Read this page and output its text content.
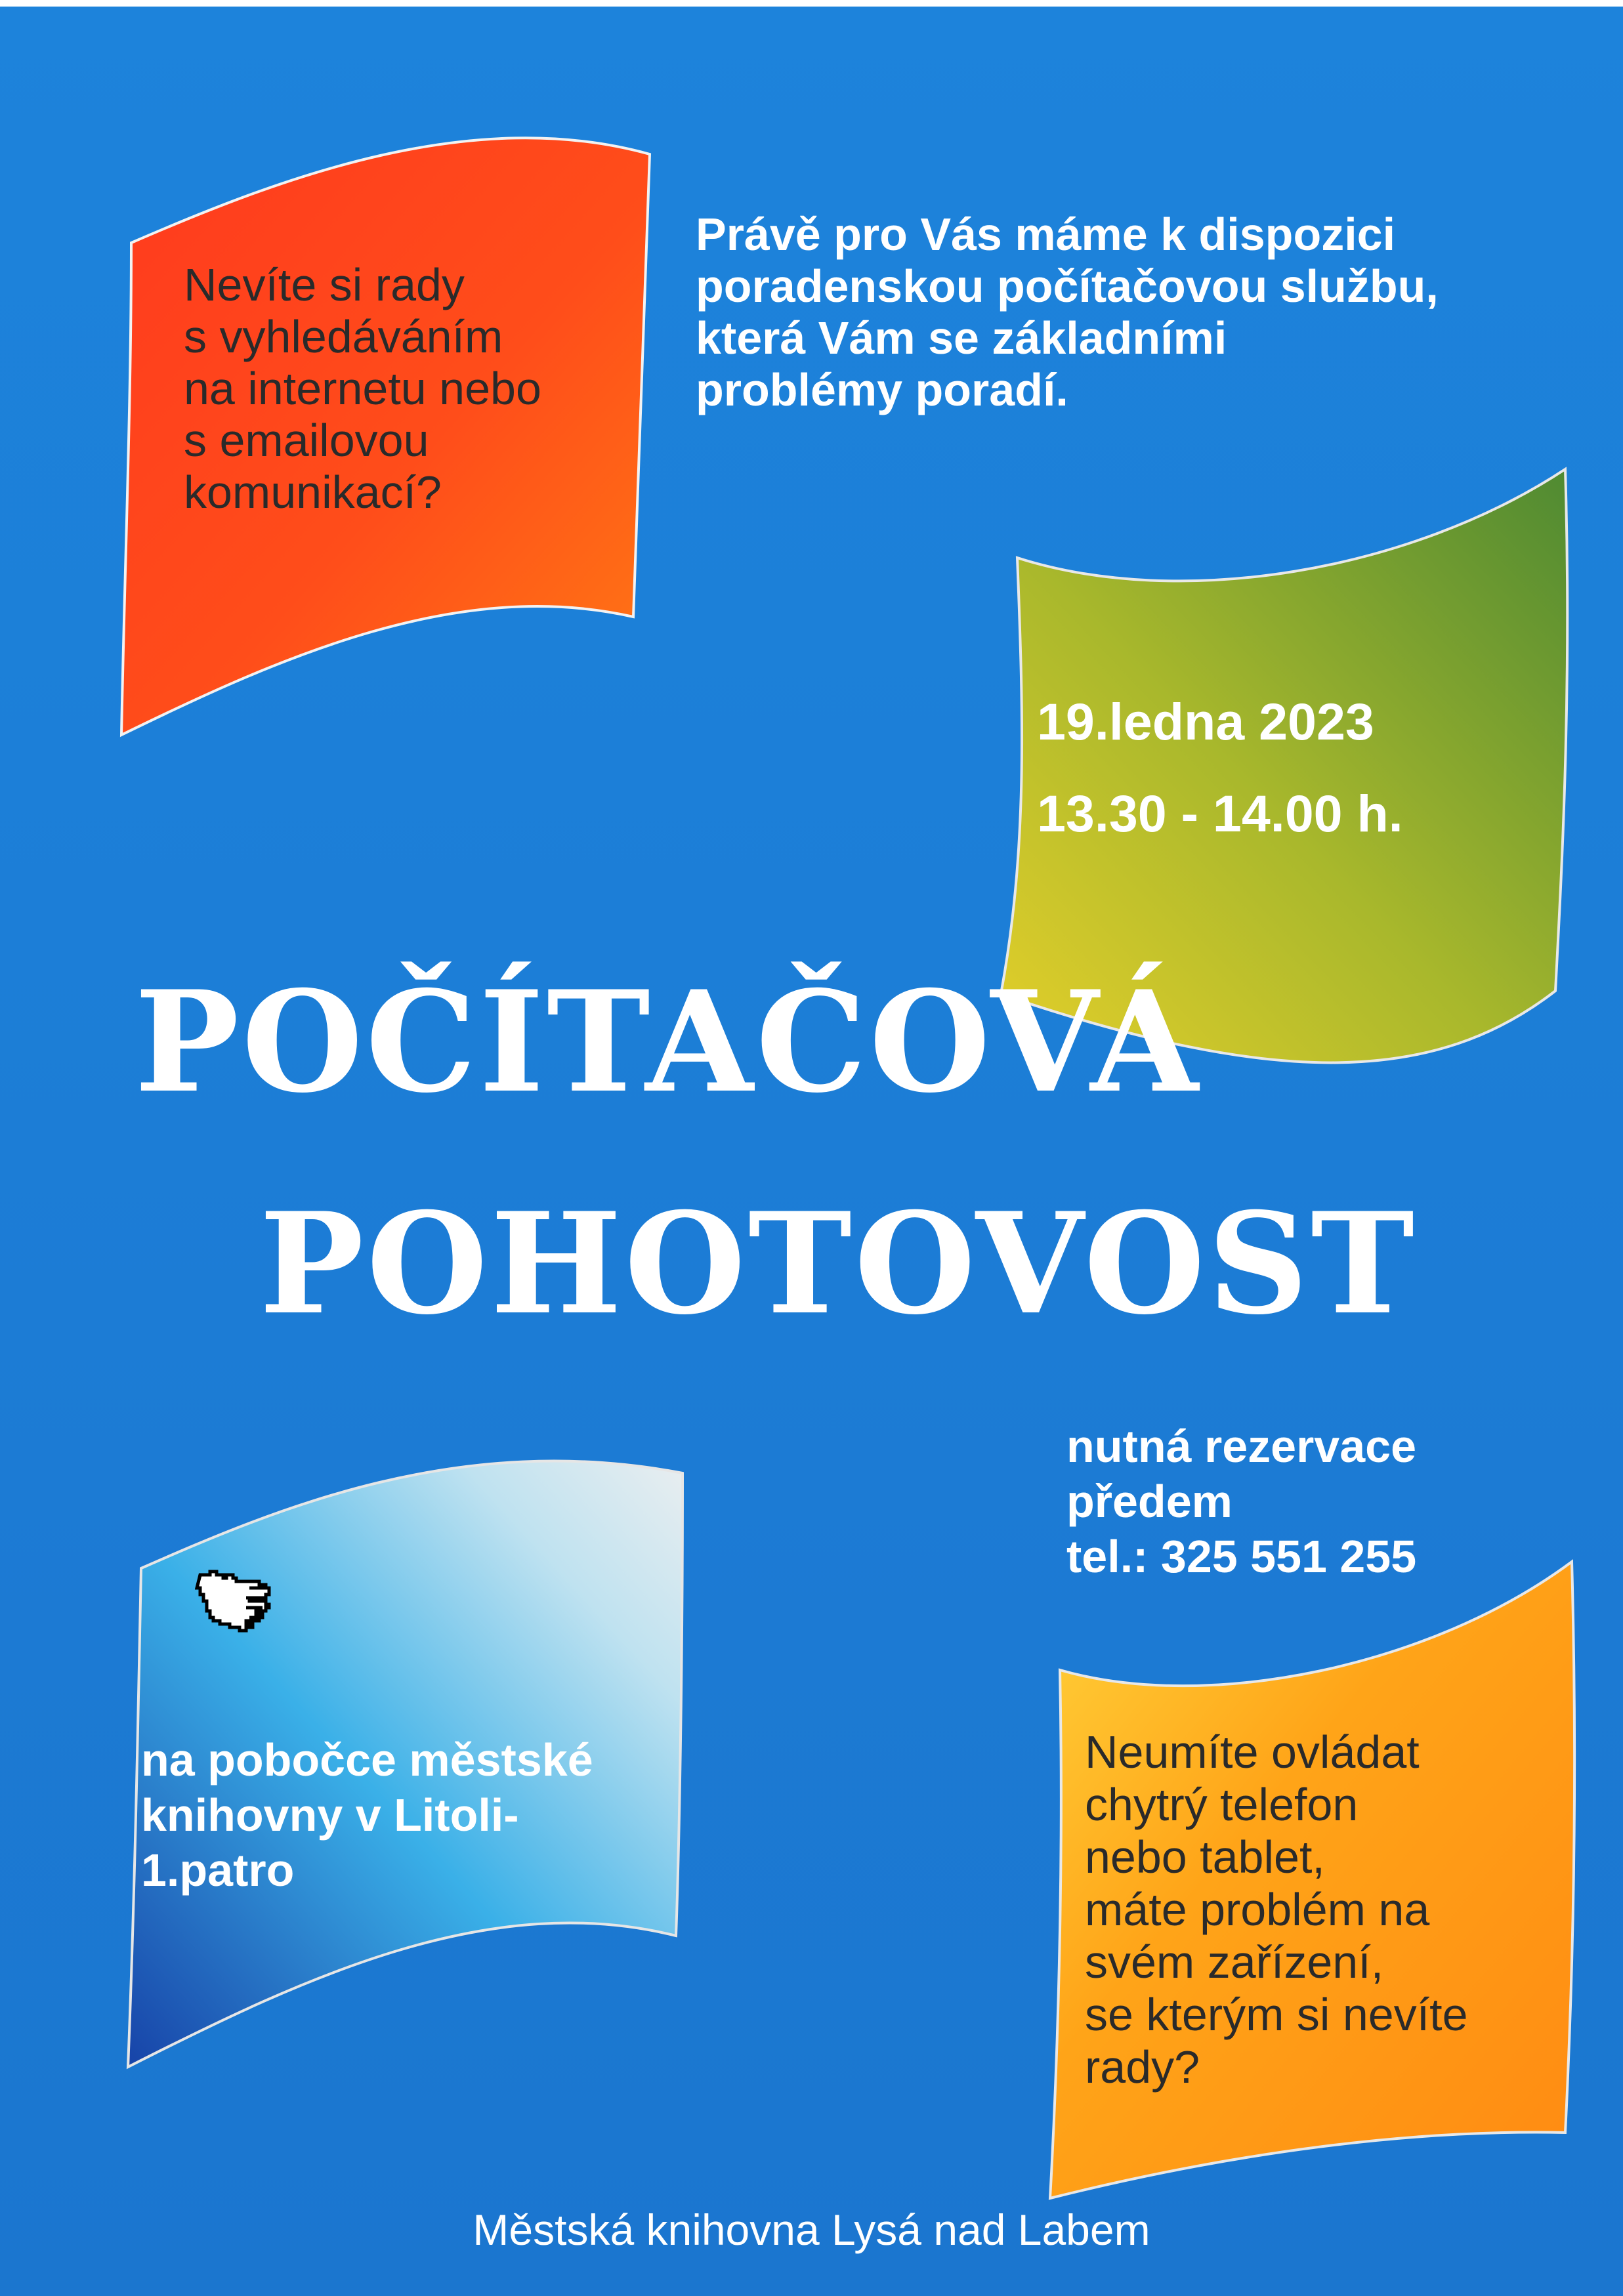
Nevíte si rady
s vyhledáváním
na internetu nebo
s emailovou
komunikací?
Právě pro Vás máme k dispozici
poradenskou počítačovou službu,
která Vám se základními
problémy poradí.
19.ledna 2023
13.30 - 14.00 h.
POČÍTAČOVÁ
POHOTOVOST
nutná rezervace
předem
tel.: 325 551 255
na pobočce městské
knihovny v Litoli-
1.patro
Neumíte ovládat
chytrý telefon
nebo tablet,
máte problém na
svém zařízení,
se kterým si nevíte
rady?
Městská knihovna Lysá nad Labem
